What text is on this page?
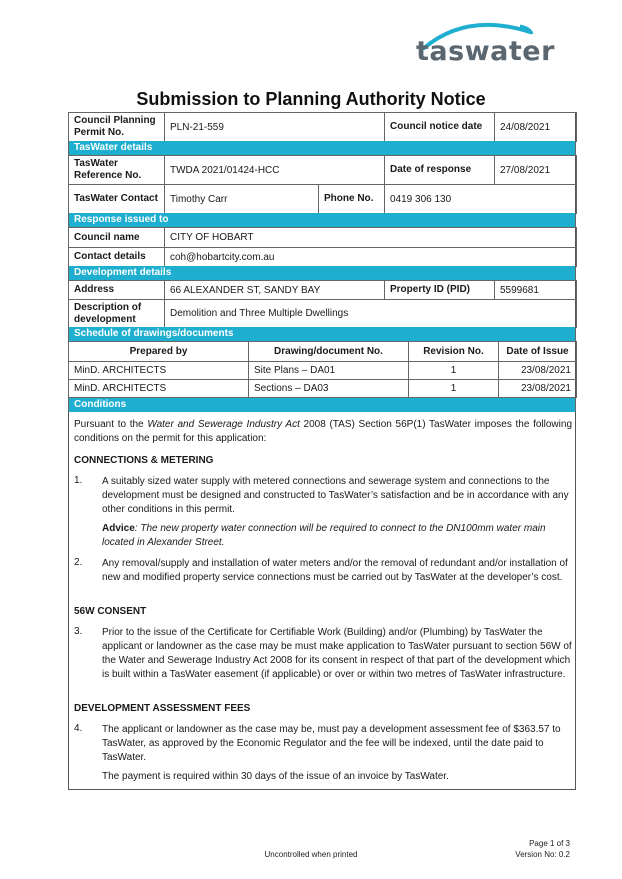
taswater
Submission to Planning Authority Notice
Council Planning Permit No.	PLN-21-559	Council notice date	24/08/2021
TasWater details
TasWater Reference No.	TWDA 2021/01424-HCC		Date of response	27/08/2021
TasWater Contact	Timothy Carr	Phone No.	0419 306 130	
Response issued to
Council name	CITY OF HOBART
Contact details	coh@hobartcity.com.au
Development details
Address	66 ALEXANDER ST, SANDY BAY	Property ID (PID)	5599681
Description of development	Demolition and Three Multiple Dwellings		
Schedule of drawings/documents
Prepared by	Drawing/document No.	Revision No.	Date of Issue
MinD. ARCHITECTS	Site Plans – DA01	1	23/08/2021
MinD. ARCHITECTS	Sections – DA03	1	23/08/2021
Conditions
Pursuant to the Water and Sewerage Industry Act 2008 (TAS) Section 56P(1) TasWater imposes the following conditions on the permit for this application:
CONNECTIONS & METERING
1. A suitably sized water supply with metered connections and sewerage system and connections to the development must be designed and constructed to TasWater’s satisfaction and be in accordance with any other conditions in this permit.
Advice: The new property water connection will be required to connect to the DN100mm water main located in Alexander Street.
2. Any removal/supply and installation of water meters and/or the removal of redundant and/or installation of new and modified property service connections must be carried out by TasWater at the developer’s cost.
56W CONSENT
3. Prior to the issue of the Certificate for Certifiable Work (Building) and/or (Plumbing) by TasWater the applicant or landowner as the case may be must make application to TasWater pursuant to section 56W of the Water and Sewerage Industry Act 2008 for its consent in respect of that part of the development which is built within a TasWater easement (if applicable) or over or within two metres of TasWater infrastructure.
DEVELOPMENT ASSESSMENT FEES
4. The applicant or landowner as the case may be, must pay a development assessment fee of $363.57 to TasWater, as approved by the Economic Regulator and the fee will be indexed, until the date paid to TasWater.
The payment is required within 30 days of the issue of an invoice by TasWater.
Uncontrolled when printed
Page 1 of 3
Version No: 0.2
